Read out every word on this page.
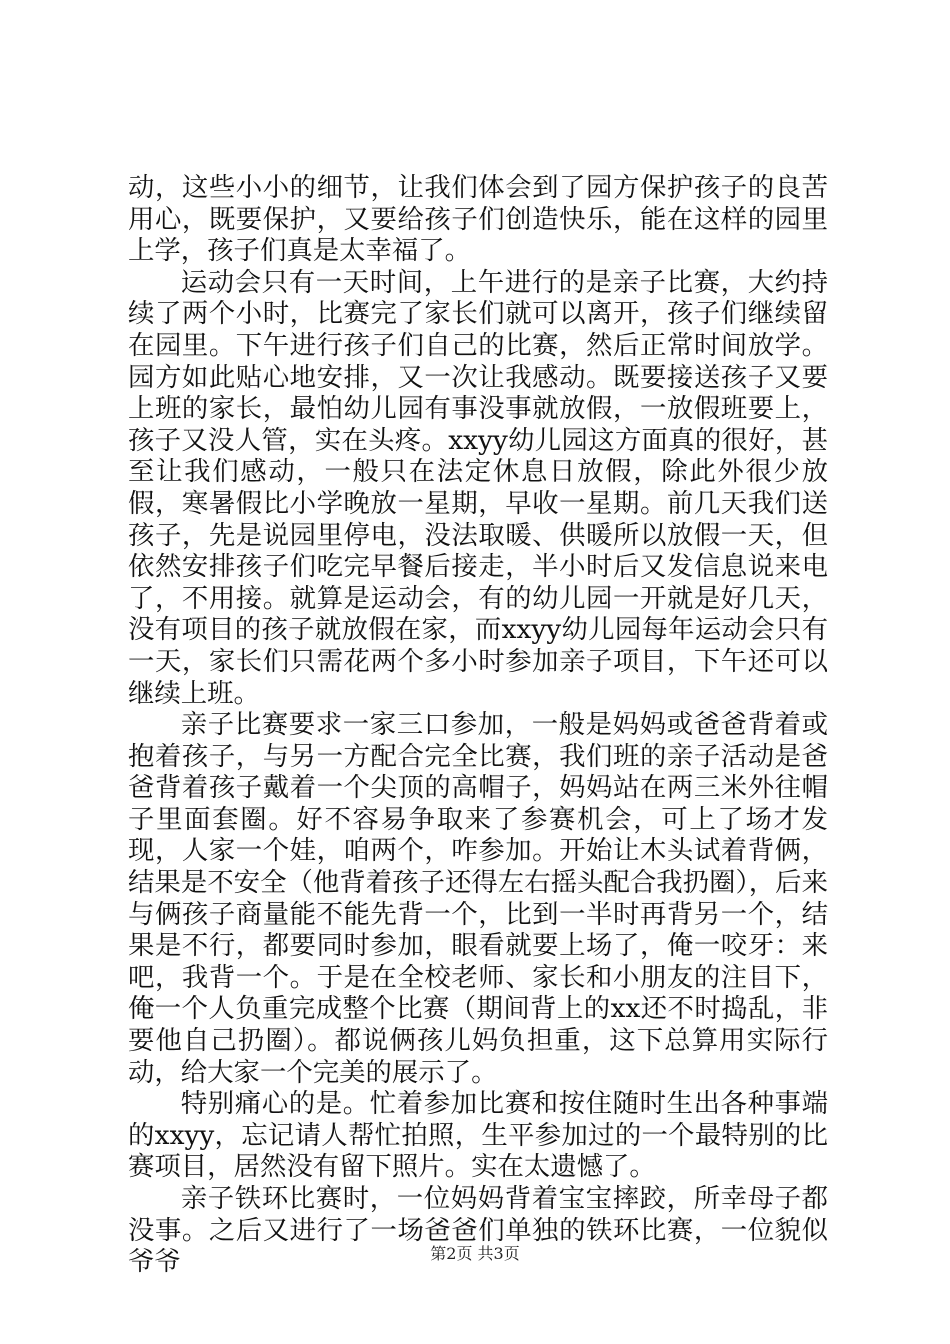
动，这些小小的细节，让我们体会到了园方保护孩子的良苦用心，既要保护，又要给孩子们创造快乐，能在这样的园里上学，孩子们真是太幸福了。

运动会只有一天时间，上午进行的是亲子比赛，大约持续了两个小时，比赛完了家长们就可以离开，孩子们继续留在园里。下午进行孩子们自己的比赛，然后正常时间放学。园方如此贴心地安排，又一次让我感动。既要接送孩子又要上班的家长，最怕幼儿园有事没事就放假，一放假班要上，孩子又没人管，实在头疼。xxyy幼儿园这方面真的很好，甚至让我们感动，一般只在法定休息日放假，除此外很少放假，寒暑假比小学晚放一星期，早收一星期。前几天我们送孩子，先是说园里停电，没法取暖、供暖所以放假一天，但依然安排孩子们吃完早餐后接走，半小时后又发信息说来电了，不用接。就算是运动会，有的幼儿园一开就是好几天，没有项目的孩子就放假在家，而xxyy幼儿园每年运动会只有一天，家长们只需花两个多小时参加亲子项目，下午还可以继续上班。

亲子比赛要求一家三口参加，一般是妈妈或爸爸背着或抱着孩子，与另一方配合完全比赛，我们班的亲子活动是爸爸背着孩子戴着一个尖顶的高帽子，妈妈站在两三米外往帽子里面套圈。好不容易争取来了参赛机会，可上了场才发现，人家一个娃，咱两个，咋参加。开始让木头试着背俩，结果是不安全（他背着孩子还得左右摇头配合我扔圈），后来与俩孩子商量能不能先背一个，比到一半时再背另一个，结果是不行，都要同时参加，眼看就要上场了，俺一咬牙：来吧，我背一个。于是在全校老师、家长和小朋友的注目下，俺一个人负重完成整个比赛（期间背上的xx还不时捣乱，非要他自己扔圈）。都说俩孩儿妈负担重，这下总算用实际行动，给大家一个完美的展示了。

特别痛心的是。忙着参加比赛和按住随时生出各种事端的xxyy，忘记请人帮忙拍照，生平参加过的一个最特别的比赛项目，居然没有留下照片。实在太遗憾了。

亲子铁环比赛时，一位妈妈背着宝宝摔跤，所幸母子都没事。之后又进行了一场爸爸们单独的铁环比赛，一位貌似爷爷	第2页 共3页
